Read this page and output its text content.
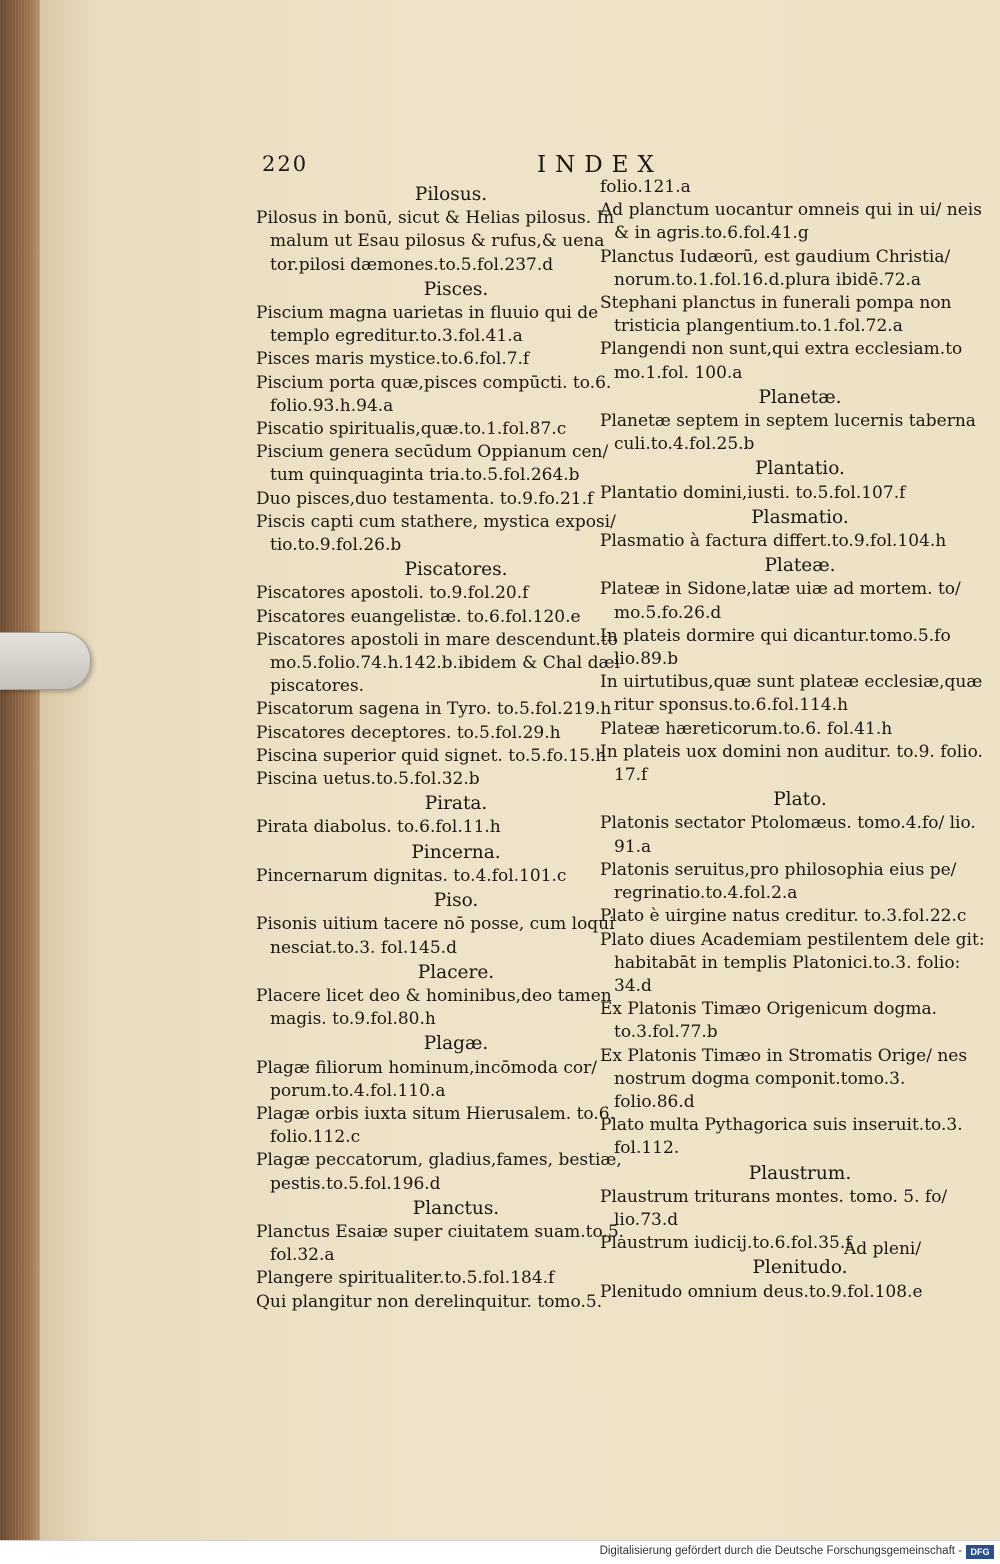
220	INDEX
Pilosus.
Pilosus in bonū, sicut & Helias pilosus. In malum ut Esau pilosus & rufus,& uena tor.pilosi dæmones.to.5.fol.237.d
Pisces.
Piscium magna uarietas in fluuio qui de templo egreditur.to.3.fol.41.a
Pisces maris mystice.to.6.fol.7.f
Piscium porta quæ,pisces compūcti. to.6. folio.93.h.94.a
Piscatio spiritualis,quæ.to.1.fol.87.c
Piscium genera secūdum Oppianum cen/ tum quinquaginta tria.to.5.fol.264.b
Duo pisces,duo testamenta. to.9.fo.21.f
Piscis capti cum stathere, mystica exposi/ tio.to.9.fol.26.b
Piscatores.
Piscatores apostoli. to.9.fol.20.f
Piscatores euangelistæ. to.6.fol.120.e
Piscatores apostoli in mare descendunt.to mo.5.folio.74.h.142.b.ibidem & Chal dæi piscatores.
Piscatorum sagena in Tyro. to.5.fol.219.h
Piscatores deceptores. to.5.fol.29.h
Piscina superior quid signet. to.5.fo.15.h
Piscina uetus.to.5.fol.32.b
Pirata.
Pirata diabolus. to.6.fol.11.h
Pincerna.
Pincernarum dignitas. to.4.fol.101.c
Piso.
Pisonis uitium tacere nō posse, cum loqui nesciat.to.3. fol.145.d
Placere.
Placere licet deo & hominibus,deo tamen magis. to.9.fol.80.h
Plagæ.
Plagæ filiorum hominum,incōmoda cor/ porum.to.4.fol.110.a
Plagæ orbis iuxta situm Hierusalem. to.6. folio.112.c
Plagæ peccatorum, gladius,fames, bestiæ, pestis.to.5.fol.196.d
Planctus.
Planctus Esaiæ super ciuitatem suam.to.5. fol.32.a
Plangere spiritualiter.to.5.fol.184.f
Qui plangitur non derelinquitur. tomo.5.
folio.121.a
Ad planctum uocantur omneis qui in ui/ neis & in agris.to.6.fol.41.g
Planctus Iudæorū, est gaudium Christia/ norum.to.1.fol.16.d.plura ibidē.72.a
Stephani planctus in funerali pompa non tristicia plangentium.to.1.fol.72.a
Plangendi non sunt,qui extra ecclesiam.to mo.1.fol. 100.a
Planetæ.
Planetæ septem in septem lucernis taberna culi.to.4.fol.25.b
Plantatio.
Plantatio domini,iusti. to.5.fol.107.f
Plasmatio.
Plasmatio à factura differt.to.9.fol.104.h
Plateæ.
Plateæ in Sidone,latæ uiæ ad mortem. to/ mo.5.fo.26.d
In plateis dormire qui dicantur.tomo.5.fo lio.89.b
In uirtutibus,quæ sunt plateæ ecclesiæ,quæ ritur sponsus.to.6.fol.114.h
Plateæ hæreticorum.to.6. fol.41.h
In plateis uox domini non auditur. to.9. folio. 17.f
Plato.
Platonis sectator Ptolomæus. tomo.4.fo/ lio. 91.a
Platonis seruitus,pro philosophia eius pe/ regrinatio.to.4.fol.2.a
Plato è uirgine natus creditur. to.3.fol.22.c
Plato diues Academiam pestilentem dele git: habitabāt in templis Platonici.to.3. folio: 34.d
Ex Platonis Timæo Origenicum dogma. to.3.fol.77.b
Ex Platonis Timæo in Stromatis Orige/ nes nostrum dogma componit.tomo.3. folio.86.d
Plato multa Pythagorica suis inseruit.to.3. fol.112.
Plaustrum.
Plaustrum triturans montes. tomo. 5. fo/ lio.73.d
Plaustrum iudicij.to.6.fol.35.f
Plenitudo.
Plenitudo omnium deus.to.9.fol.108.e
Ad pleni/
Digitalisierung gefördert durch die Deutsche Forschungsgemeinschaft - DFG
